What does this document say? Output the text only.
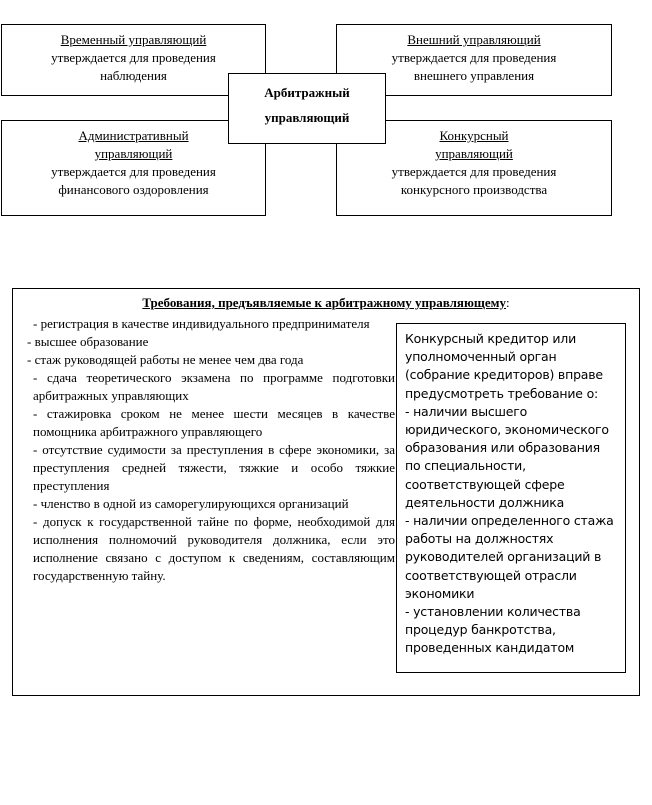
Временный управляющий
утверждается для проведения
наблюдения
Внешний управляющий
утверждается для проведения
внешнего управления
Административный
управляющий
утверждается для проведения
финансового оздоровления
Конкурсный
управляющий
утверждается для проведения
конкурсного производства
Арбитражный
управляющий
Требования, предъявляемые к арбитражному управляющему:
- регистрация в качестве индивидуального предпринимателя
- высшее образование
- стаж руководящей работы не менее чем два года
- сдача теоретического экзамена по программе подготовки арбитражных управляющих
- стажировка сроком не менее шести месяцев в качестве помощника арбитражного управляющего
- отсутствие судимости за преступления в сфере экономики, за преступления средней тяжести, тяжкие и особо тяжкие преступления
- членство в одной из саморегулирующихся организаций
- допуск к государственной тайне по форме, необходимой для исполнения полномочий руководителя должника, если это исполнение связано с доступом к сведениям, составляющим государственную тайну.

Конкурсный кредитор или уполномоченный орган (собрание кредиторов) вправе предусмотреть требование о:

- наличии высшего юридического, экономического образования или образования по специальности, соответствующей сфере деятельности должника

- наличии определенного стажа работы на должностях руководителей организаций в соответствующей отрасли экономики

- установлении количества процедур банкротства, проведенных кандидатом
